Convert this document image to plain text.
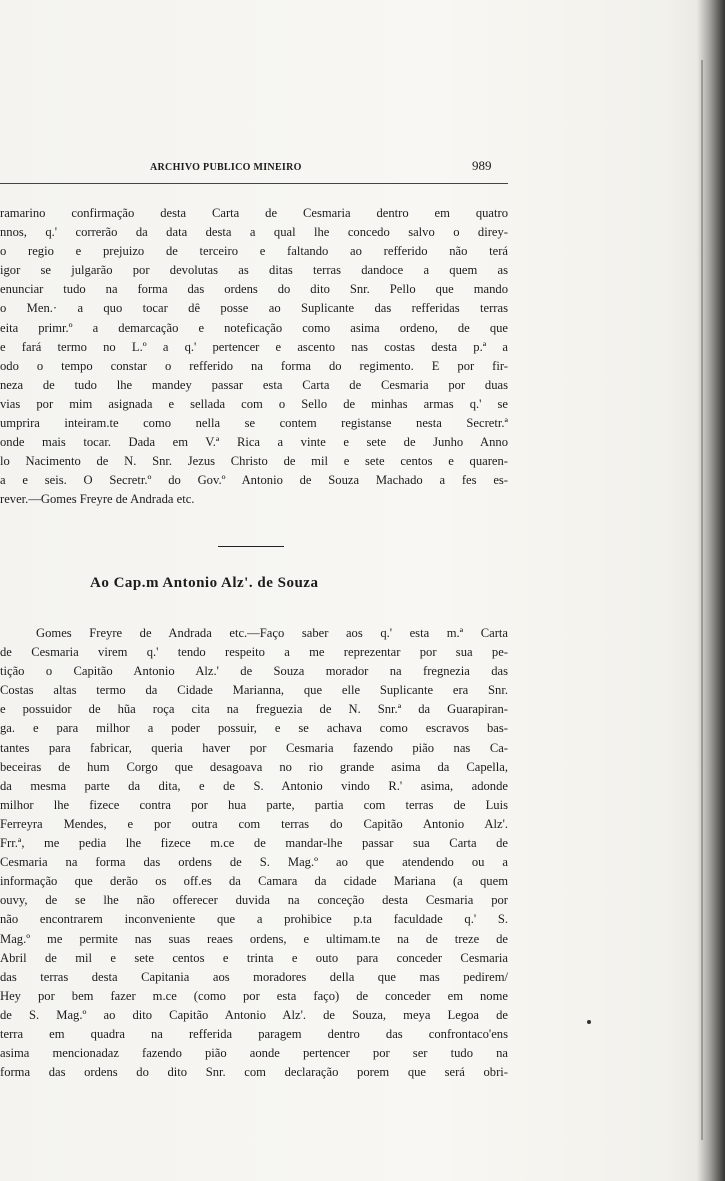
ARCHIVO PUBLICO MINEIRO	989
ramarino confirmação desta Carta de Cesmaria dentro em quatro
nnos, q.' correrão da data desta a qual lhe concedo salvo o direy-
o regio e prejuizo de terceiro e faltando ao refferido não terá
igor se julgarão por devolutas as ditas terras dandoce a quem as
enunciar tudo na forma das ordens do dito Snr. Pello que mando
o Men.· a quo tocar dê posse ao Suplicante das refferidas terras
eita primr.º a demarcação e noteficação como asima ordeno, de que
e fará termo no L.º a q.' pertencer e ascento nas costas desta p.ª a
odo o tempo constar o refferido na forma do regimento. E por fir-
neza de tudo lhe mandey passar esta Carta de Cesmaria por duas
vias por mim asignada e sellada com o Sello de minhas armas q.' se
umprira inteiram.te como nella se contem registanse nesta Secretr.ª
onde mais tocar. Dada em V.ª Rica a vinte e sete de Junho Anno
lo Nacimento de N. Snr. Jezus Christo de mil e sete centos e quaren-
a e seis. O Secretr.º do Gov.º Antonio de Souza Machado a fes es-
rever.—Gomes Freyre de Andrada etc.
Ao Cap.m Antonio Alz'. de Souza
Gomes Freyre de Andrada etc.—Faço saber aos q.' esta m.ª Carta
de Cesmaria virem q.' tendo respeito a me reprezentar por sua pe-
tição o Capitão Antonio Alz.' de Souza morador na fregnezia das
Costas altas termo da Cidade Marianna, que elle Suplicante era Snr.
e possuidor de hũa roça cita na freguezia de N. Snr.ª da Guarapiran-
ga. e para milhor a poder possuir, e se achava como escravos bas-
tantes para fabricar, queria haver por Cesmaria fazendo pião nas Ca-
beceiras de hum Corgo que desagoava no rio grande asima da Capella,
da mesma parte da dita, e de S. Antonio vindo R.' asima, adonde
milhor lhe fizece contra por hua parte, partia com terras de Luis
Ferreyra Mendes, e por outra com terras do Capitão Antonio Alz'.
Frr.ª, me pedia lhe fizece m.ce de mandar-lhe passar sua Carta de
Cesmaria na forma das ordens de S. Mag.º ao que atendendo ou a
informação que derão os off.es da Camara da cidade Mariana (a quem
ouvy, de se lhe não offerecer duvida na conceção desta Cesmaria por
não encontrarem inconveniente que a prohibice p.ta faculdade q.' S.
Mag.º me permite nas suas reaes ordens, e ultimam.te na de treze de
Abril de mil e sete centos e trinta e outo para conceder Cesmaria
das terras desta Capitania aos moradores della que mas pedirem/
Hey por bem fazer m.ce (como por esta faço) de conceder em nome
de S. Mag.º ao dito Capitão Antonio Alz'. de Souza, meya Legoa de
terra em quadra na refferida paragem dentro das confrontaco'ens
asima mencionadaz fazendo pião aonde pertencer por ser tudo na
forma das ordens do dito Snr. com declaração porem que será obri-
